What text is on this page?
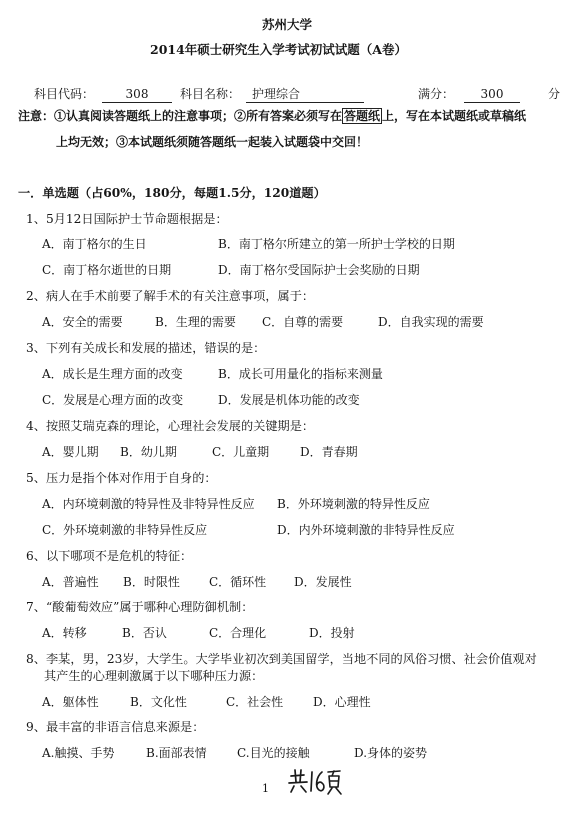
苏州大学
2014年硕士研究生入学考试初试试题（A卷）
科目代码：	308	科目名称： 护理综合	满分：	300	分
注意：①认真阅读答题纸上的注意事项；②所有答案必须写在 答题纸 上，写在本试题纸或草稿纸
上均无效；③本试题纸须随答题纸一起装入试题袋中交回！
一．单选题（占60%，180分，每题1.5分，120道题）
1、5月12日国际护士节命题根据是：
A．南丁格尔的生日	B．南丁格尔所建立的第一所护士学校的日期
C．南丁格尔逝世的日期	D．南丁格尔受国际护士会奖励的日期
2、病人在手术前要了解手术的有关注意事项，属于：
A．安全的需要	B．生理的需要 C．自尊的需要	D．自我实现的需要
3、下列有关成长和发展的描述，错误的是：
A．成长是生理方面的改变	B．成长可用量化的指标来测量
C．发展是心理方面的改变	D．发展是机体功能的改变
4、按照艾瑞克森的理论，心理社会发展的关键期是：
A．婴儿期 B．幼儿期	C．儿童期	D．青春期
5、压力是指个体对作用于自身的：
A．内环境刺激的特异性及非特异性反应 B．外环境刺激的特异性反应
C．外环境刺激的非特异性反应	D．内外环境刺激的非特异性反应
6、以下哪项不是危机的特征：
A．普遍性 B．时限性 C．循环性 D．发展性
7、“酸葡萄效应”属于哪种心理防御机制：
A．转移	B．否认	C．合理化	D．投射
8、李某，男，23岁，大学生。大学毕业初次到美国留学，当地不同的风俗习惯、社会价值观对
其产生的心理刺激属于以下哪种压力源：
A．躯体性	B．文化性	C．社会性 D．心理性
9、最丰富的非语言信息来源是：
A.触摸、手势	B.面部表情	C.目光的接触	D.身体的姿势
1
